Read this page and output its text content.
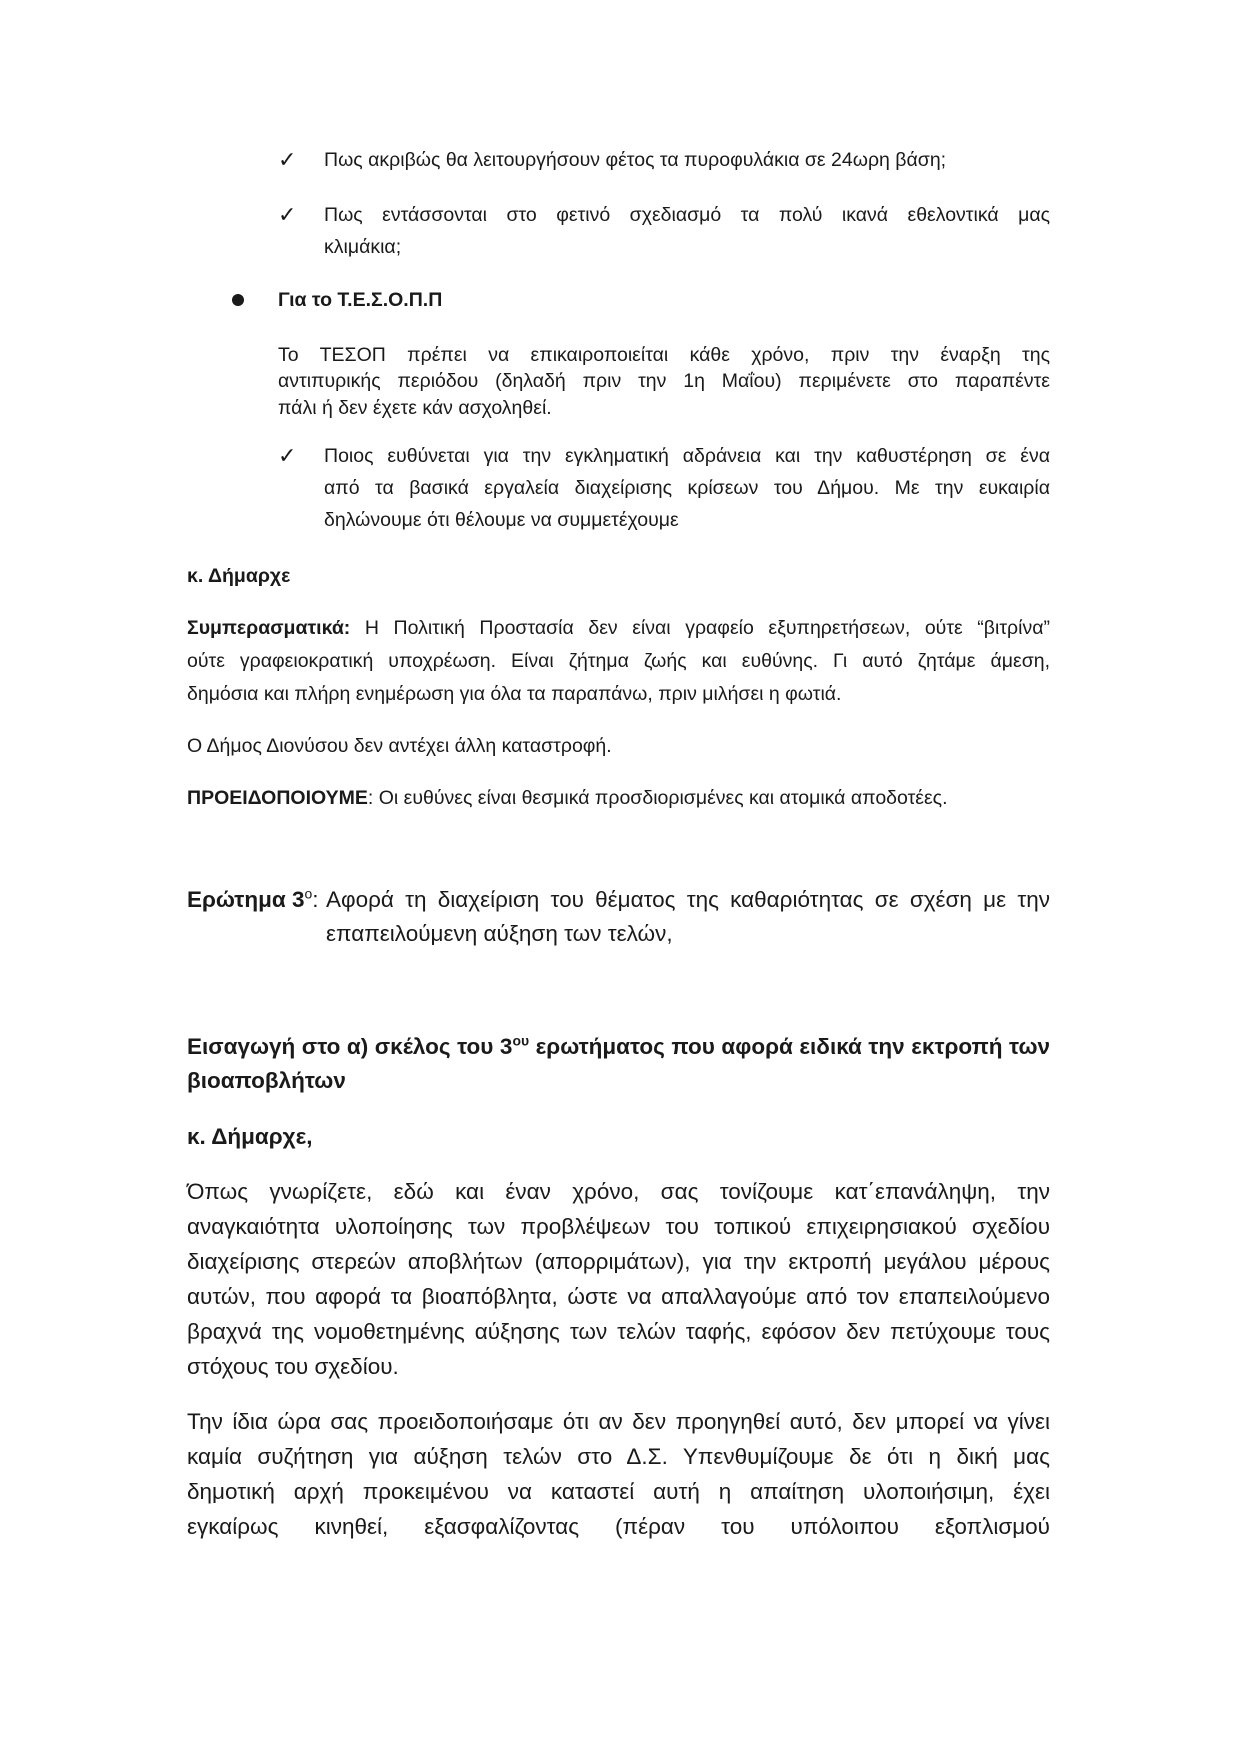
✓ Πως ακριβώς θα λειτουργήσουν φέτος τα πυροφυλάκια σε 24ωρη βάση;

✓ Πως εντάσσονται στο φετινό σχεδιασμό τα πολύ ικανά εθελοντικά μας

κλιμάκια;

Για το Τ.Ε.Σ.Ο.Π.Π

Το ΤΕΣΟΠ πρέπει να επικαιροποιείται κάθε χρόνο, πριν την έναρξη της

αντιπυρικής περιόδου (δηλαδή πριν την 1η Μαΐου) περιμένετε στο παραπέντε

πάλι ή δεν έχετε κάν ασχοληθεί.

✓ Ποιος ευθύνεται για την εγκληματική αδράνεια και την καθυστέρηση σε ένα

από τα βασικά εργαλεία διαχείρισης κρίσεων του Δήμου. Με την ευκαιρία

δηλώνουμε ότι θέλουμε να συμμετέχουμε

κ. Δήμαρχε

Συμπερασματικά: Η Πολιτική Προστασία δεν είναι γραφείο εξυπηρετήσεων, ούτε “βιτρίνα”

ούτε γραφειοκρατική υποχρέωση. Είναι ζήτημα ζωής και ευθύνης. Γι αυτό ζητάμε άμεση,

δημόσια και πλήρη ενημέρωση για όλα τα παραπάνω, πριν μιλήσει η φωτιά.

Ο Δήμος Διονύσου δεν αντέχει άλλη καταστροφή.

ΠΡΟΕΙΔΟΠΟΙΟΥΜΕ: Οι ευθύνες είναι θεσμικά προσδιορισμένες και ατομικά αποδοτέες.

Ερώτημα $3^o$: Αφορά τη διαχείριση του θέματος της καθαριότητας σε σχέση με την

επαπειλούμενη αύξηση των τελών,

Εισαγωγή στο α) σκέλος του $3^{o\upsilon}$ ερωτήματος που αφορά ειδικά την εκτροπή των

βιοαποβλήτων

κ. Δήμαρχε,

Όπως γνωρίζετε, εδώ και έναν χρόνο, σας τονίζουμε κατ΄επανάληψη, την

αναγκαιότητα υλοποίησης των προβλέψεων του τοπικού επιχειρησιακού σχεδίου

διαχείρισης στερεών αποβλήτων (απορριμάτων), για την εκτροπή μεγάλου μέρους

αυτών, που αφορά τα βιοαπόβλητα, ώστε να απαλλαγούμε από τον επαπειλούμενο

βραχνά της νομοθετημένης αύξησης των τελών ταφής, εφόσον δεν πετύχουμε τους

στόχους του σχεδίου.

Την ίδια ώρα σας προειδοποιήσαμε ότι αν δεν προηγηθεί αυτό, δεν μπορεί να γίνει

καμία συζήτηση για αύξηση τελών στο Δ.Σ. Υπενθυμίζουμε δε ότι η δική μας

δημοτική αρχή προκειμένου να καταστεί αυτή η απαίτηση υλοποιήσιμη, έχει

εγκαίρως κινηθεί, εξασφαλίζοντας (πέραν του υπόλοιπου εξοπλισμού
